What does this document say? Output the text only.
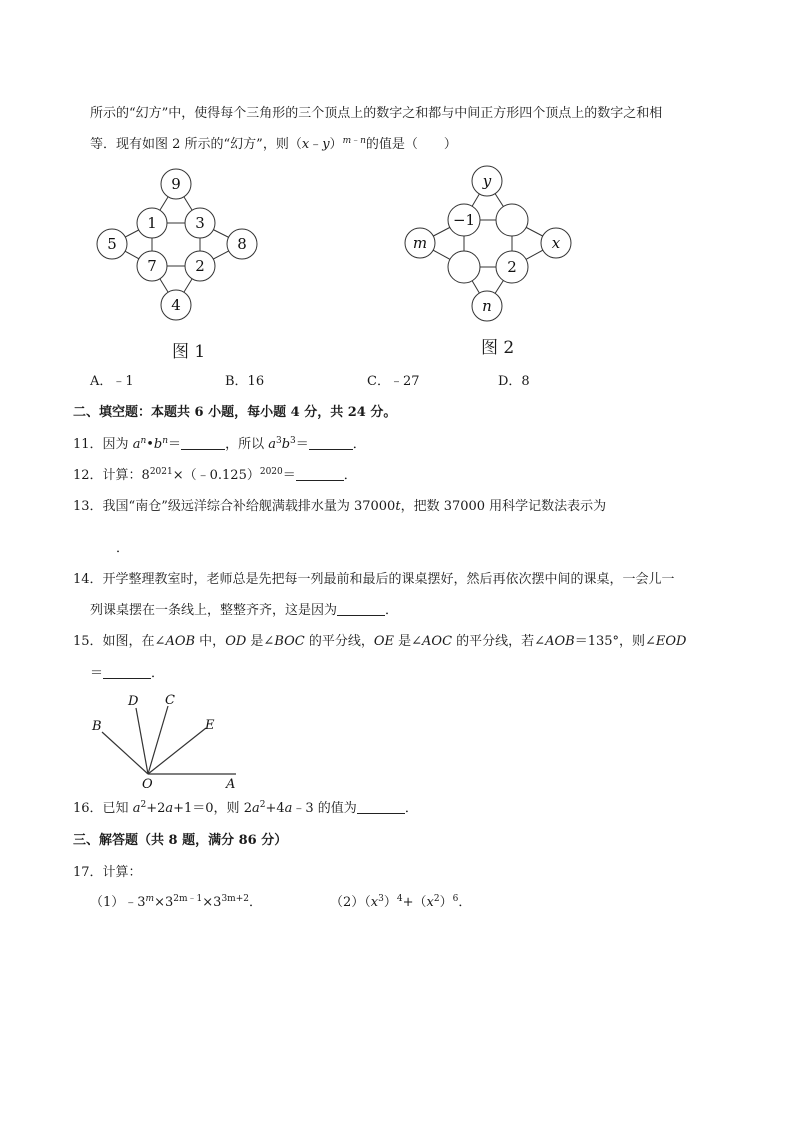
所示的“幻方”中，使得每个三角形的三个顶点上的数字之和都与中间正方形四个顶点上的数字之和相
等．现有如图 2 所示的“幻方”，则（x﹣y）$^{m﹣n}$的值是（　　）
9
1	3
5	8
7	2
4
图 1
y
−1
m	x
2
n
图 2
A．﹣1	B．16	C．﹣27	D．8
二、填空题：本题共 6 小题，每小题 4 分，共 24 分。
11．因为 $a^n•b^n=$	，所以 $a^3b^3=$	．
12．计算：$8^{2021}\times(﹣0.125)^{2020}=$	．
13．我国“南仓”级远洋综合补给舰满载排水量为 37000t，把数 37000 用科学记数法表示为
．
14．开学整理教室时，老师总是先把每一列最前和最后的课桌摆好，然后再依次摆中间的课桌，一会儿一
列课桌摆在一条线上，整整齐齐，这是因为	．
15．如图，在∠AOB 中，OD 是∠BOC 的平分线，OE 是∠AOC 的平分线，若∠AOB＝135°，则∠EOD
＝	．
B
D C
E
O	A
16．已知 $a^2+2a+1=0$，则 $2a^2+4a﹣3$ 的值为	．
三、解答题（共 8 题，满分 86 分）
17．计算：
$(1)﹣3^m\times 3^{2m﹣1}\times 3^{3m+2}$．	$(2)(x^3)^4+(x^2)^6$．
